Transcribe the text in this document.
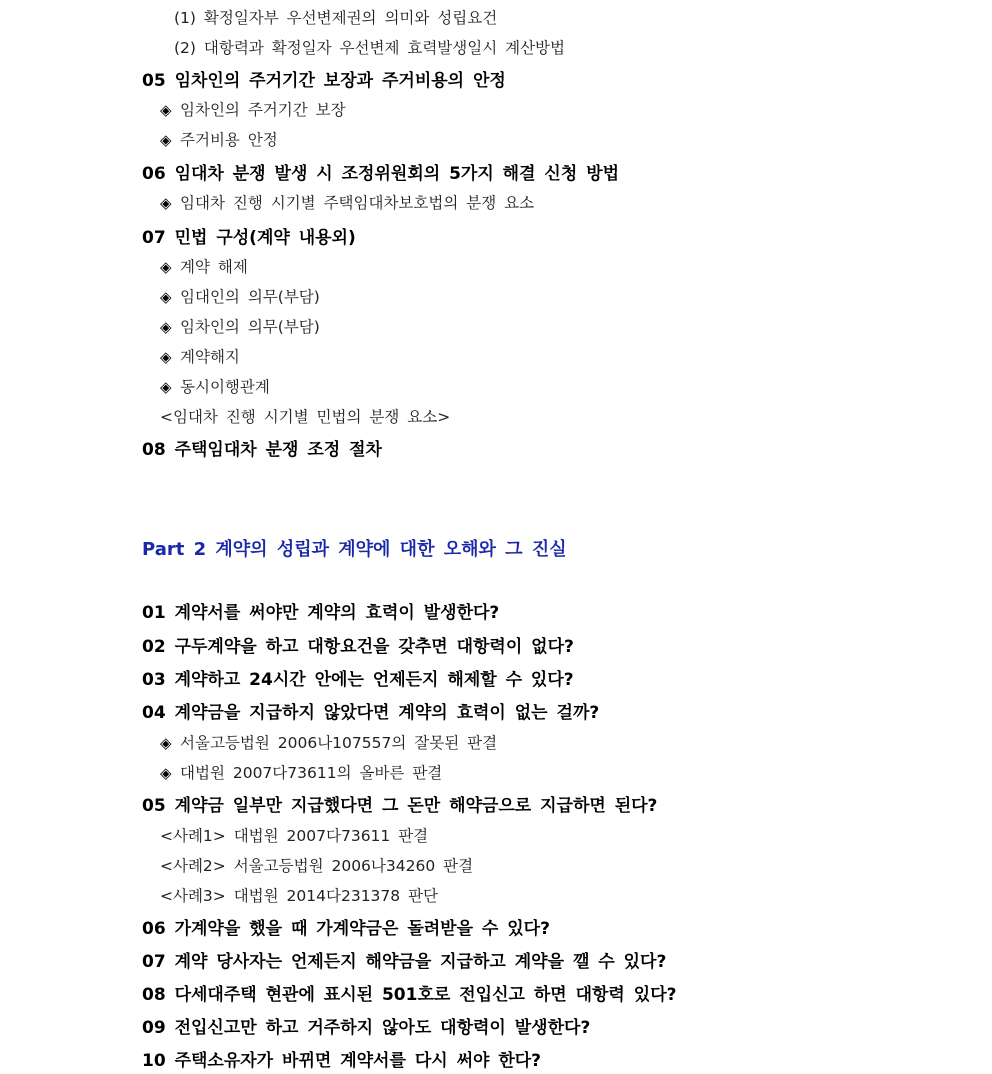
(1) 확정일자부 우선변제권의 의미와 성립요건
(2) 대항력과 확정일자 우선변제 효력발생일시 계산방법
05 임차인의 주거기간 보장과 주거비용의 안정
◈ 임차인의 주거기간 보장
◈ 주거비용 안정
06 임대차 분쟁 발생 시 조정위원회의 5가지 해결 신청 방법
◈ 임대차 진행 시기별 주택임대차보호법의 분쟁 요소
07 민법 구성(계약 내용외)
◈ 계약 해제
◈ 임대인의 의무(부담)
◈ 임차인의 의무(부담)
◈ 계약해지
◈ 동시이행관계
<임대차 진행 시기별 민법의 분쟁 요소>
08 주택임대차 분쟁 조정 절차
Part 2 계약의 성립과 계약에 대한 오해와 그 진실
01 계약서를 써야만 계약의 효력이 발생한다?
02 구두계약을 하고 대항요건을 갖추면 대항력이 없다?
03 계약하고 24시간 안에는 언제든지 해제할 수 있다?
04 계약금을 지급하지 않았다면 계약의 효력이 없는 걸까?
◈ 서울고등법원 2006나107557의 잘못된 판결
◈ 대법원 2007다73611의 올바른 판결
05 계약금 일부만 지급했다면 그 돈만 해약금으로 지급하면 된다?
<사례1> 대법원 2007다73611 판결
<사례2> 서울고등법원 2006나34260 판결
<사례3> 대법원 2014다231378 판단
06 가계약을 했을 때 가계약금은 돌려받을 수 있다?
07 계약 당사자는 언제든지 해약금을 지급하고 계약을 깰 수 있다?
08 다세대주택 현관에 표시된 501호로 전입신고 하면 대항력 있다?
09 전입신고만 하고 거주하지 않아도 대항력이 발생한다?
10 주택소유자가 바뀌면 계약서를 다시 써야 한다?
